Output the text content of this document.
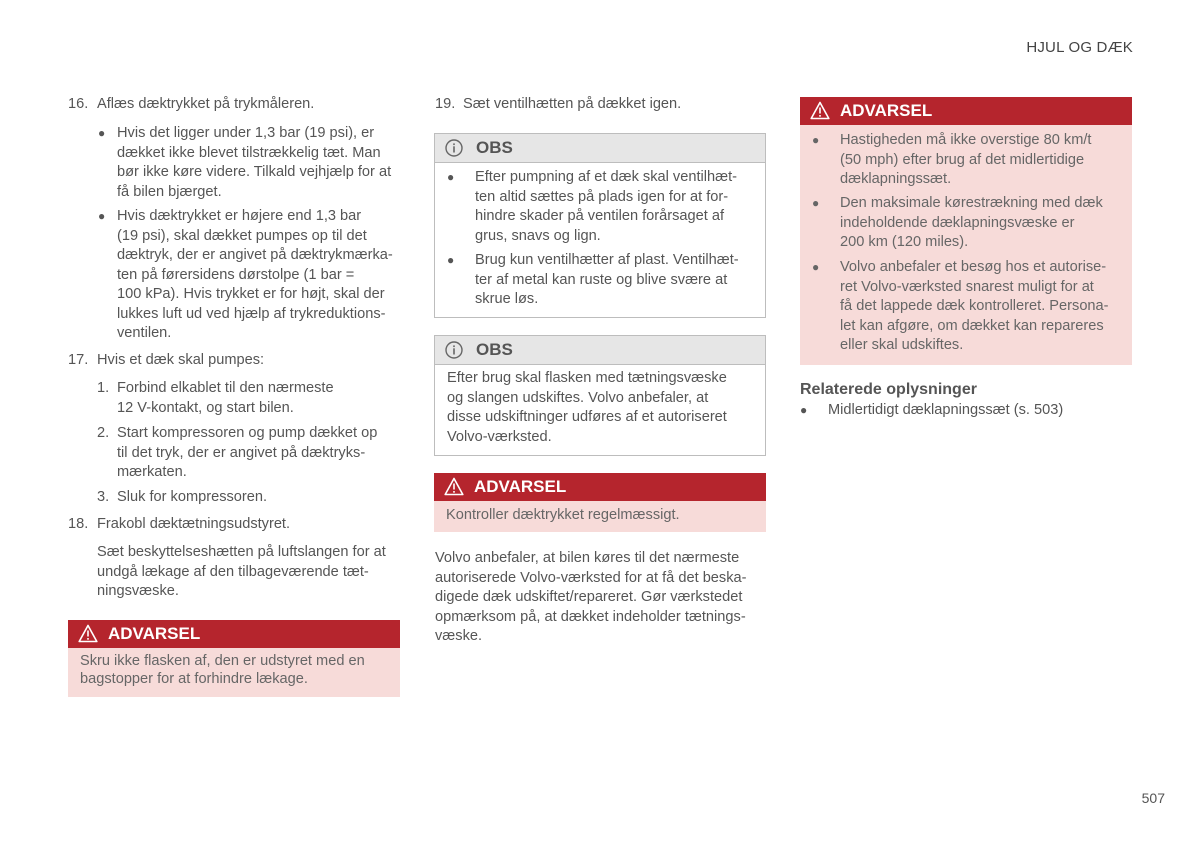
HJUL OG DÆK
16. Aflæs dæktrykket på trykmåleren.
● Hvis det ligger under 1,3 bar (19 psi), er
dækket ikke blevet tilstrækkelig tæt. Man
bør ikke køre videre. Tilkald vejhjælp for at
få bilen bjærget.
● Hvis dæktrykket er højere end 1,3 bar
(19 psi), skal dækket pumpes op til det
dæktryk, der er angivet på dæktrykmærka-
ten på førersidens dørstolpe (1 bar =
100 kPa). Hvis trykket er for højt, skal der
lukkes luft ud ved hjælp af trykreduktions-
ventilen.
17. Hvis et dæk skal pumpes:
1. Forbind elkablet til den nærmeste
12 V-kontakt, og start bilen.
2. Start kompressoren og pump dækket op
til det tryk, der er angivet på dæktryks-
mærkaten.
3. Sluk for kompressoren.
18. Frakobl dæktætningsudstyret.
Sæt beskyttelseshætten på luftslangen for at
undgå lækage af den tilbageværende tæt-
ningsvæske.
ADVARSEL
Skru ikke flasken af, den er udstyret med en
bagstopper for at forhindre lækage.
19. Sæt ventilhætten på dækket igen.
OBS
● Efter pumpning af et dæk skal ventilhæt-
ten altid sættes på plads igen for at for-
hindre skader på ventilen forårsaget af
grus, snavs og lign.
● Brug kun ventilhætter af plast. Ventilhæt-
ter af metal kan ruste og blive svære at
skrue løs.
OBS
Efter brug skal flasken med tætningsvæske
og slangen udskiftes. Volvo anbefaler, at
disse udskiftninger udføres af et autoriseret
Volvo-værksted.
ADVARSEL
Kontroller dæktrykket regelmæssigt.
Volvo anbefaler, at bilen køres til det nærmeste
autoriserede Volvo-værksted for at få det beska-
digede dæk udskiftet/repareret. Gør værkstedet
opmærksom på, at dækket indeholder tætnings-
væske.
ADVARSEL
● Hastigheden må ikke overstige 80 km/t
(50 mph) efter brug af det midlertidige
dæklapningssæt.
● Den maksimale kørestrækning med dæk
indeholdende dæklapningsvæske er
200 km (120 miles).
● Volvo anbefaler et besøg hos et autorise-
ret Volvo-værksted snarest muligt for at
få det lappede dæk kontrolleret. Persona-
let kan afgøre, om dækket kan repareres
eller skal udskiftes.
Relaterede oplysninger
● Midlertidigt dæklapningssæt (s. 503)
507
